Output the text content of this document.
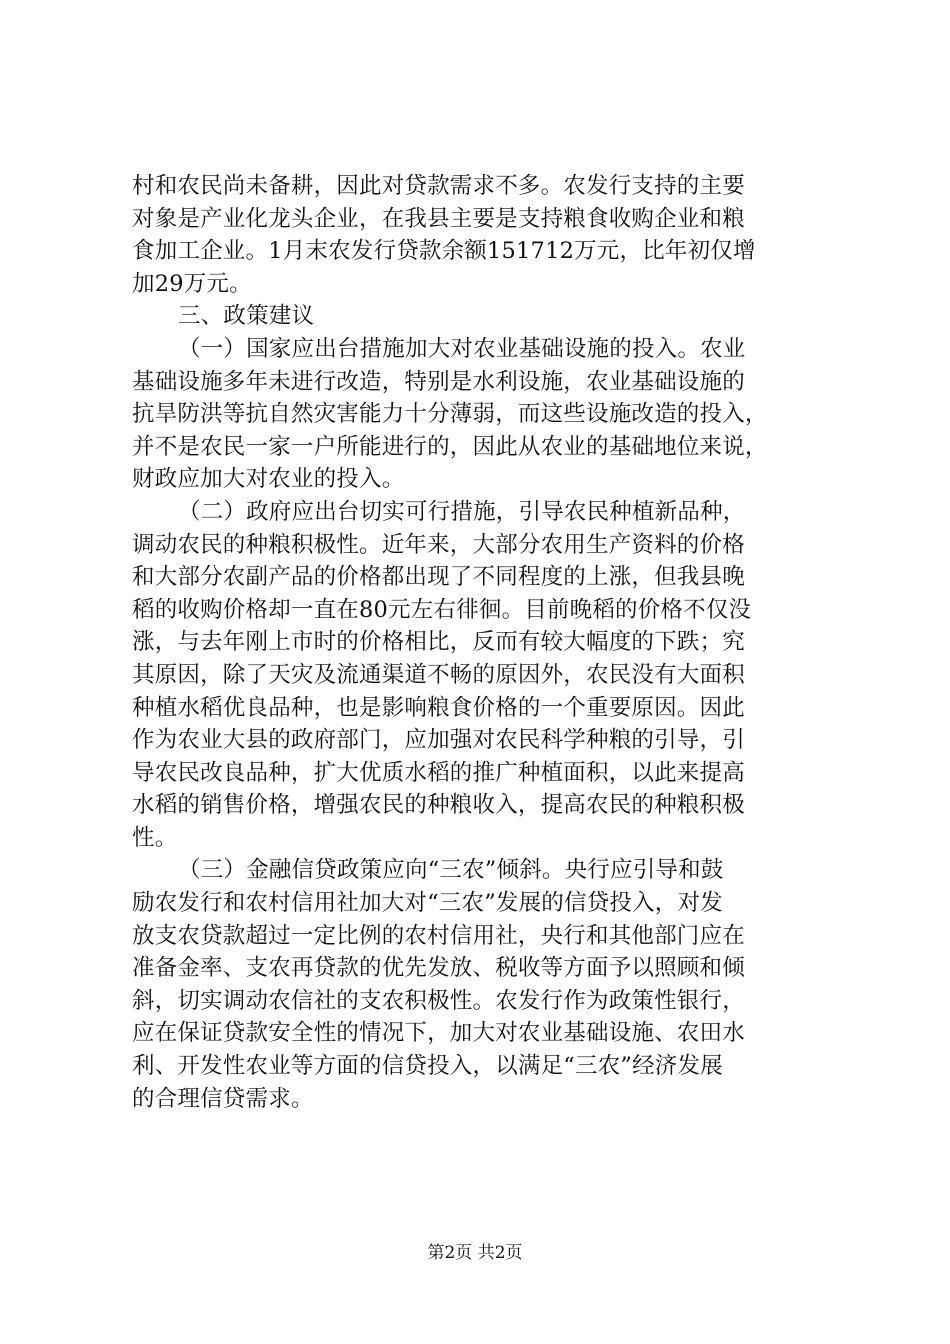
村和农民尚未备耕，因此对贷款需求不多。农发行支持的主要
对象是产业化龙头企业，在我县主要是支持粮食收购企业和粮
食加工企业。1月末农发行贷款余额151712万元，比年初仅增
加29万元。
三、政策建议
（一）国家应出台措施加大对农业基础设施的投入。农业
基础设施多年未进行改造，特别是水利设施，农业基础设施的
抗旱防洪等抗自然灾害能力十分薄弱，而这些设施改造的投入，
并不是农民一家一户所能进行的，因此从农业的基础地位来说，
财政应加大对农业的投入。
（二）政府应出台切实可行措施，引导农民种植新品种，
调动农民的种粮积极性。近年来，大部分农用生产资料的价格
和大部分农副产品的价格都出现了不同程度的上涨，但我县晚
稻的收购价格却一直在80元左右徘徊。目前晚稻的价格不仅没
涨，与去年刚上市时的价格相比，反而有较大幅度的下跌；究
其原因，除了天灾及流通渠道不畅的原因外，农民没有大面积
种植水稻优良品种，也是影响粮食价格的一个重要原因。因此
作为农业大县的政府部门，应加强对农民科学种粮的引导，引
导农民改良品种，扩大优质水稻的推广种植面积，以此来提高
水稻的销售价格，增强农民的种粮收入，提高农民的种粮积极
性。
（三）金融信贷政策应向“三农”倾斜。央行应引导和鼓
励农发行和农村信用社加大对“三农”发展的信贷投入，对发
放支农贷款超过一定比例的农村信用社，央行和其他部门应在
准备金率、支农再贷款的优先发放、税收等方面予以照顾和倾
斜，切实调动农信社的支农积极性。农发行作为政策性银行，
应在保证贷款安全性的情况下，加大对农业基础设施、农田水
利、开发性农业等方面的信贷投入，以满足“三农”经济发展
的合理信贷需求。
第2页 共2页
